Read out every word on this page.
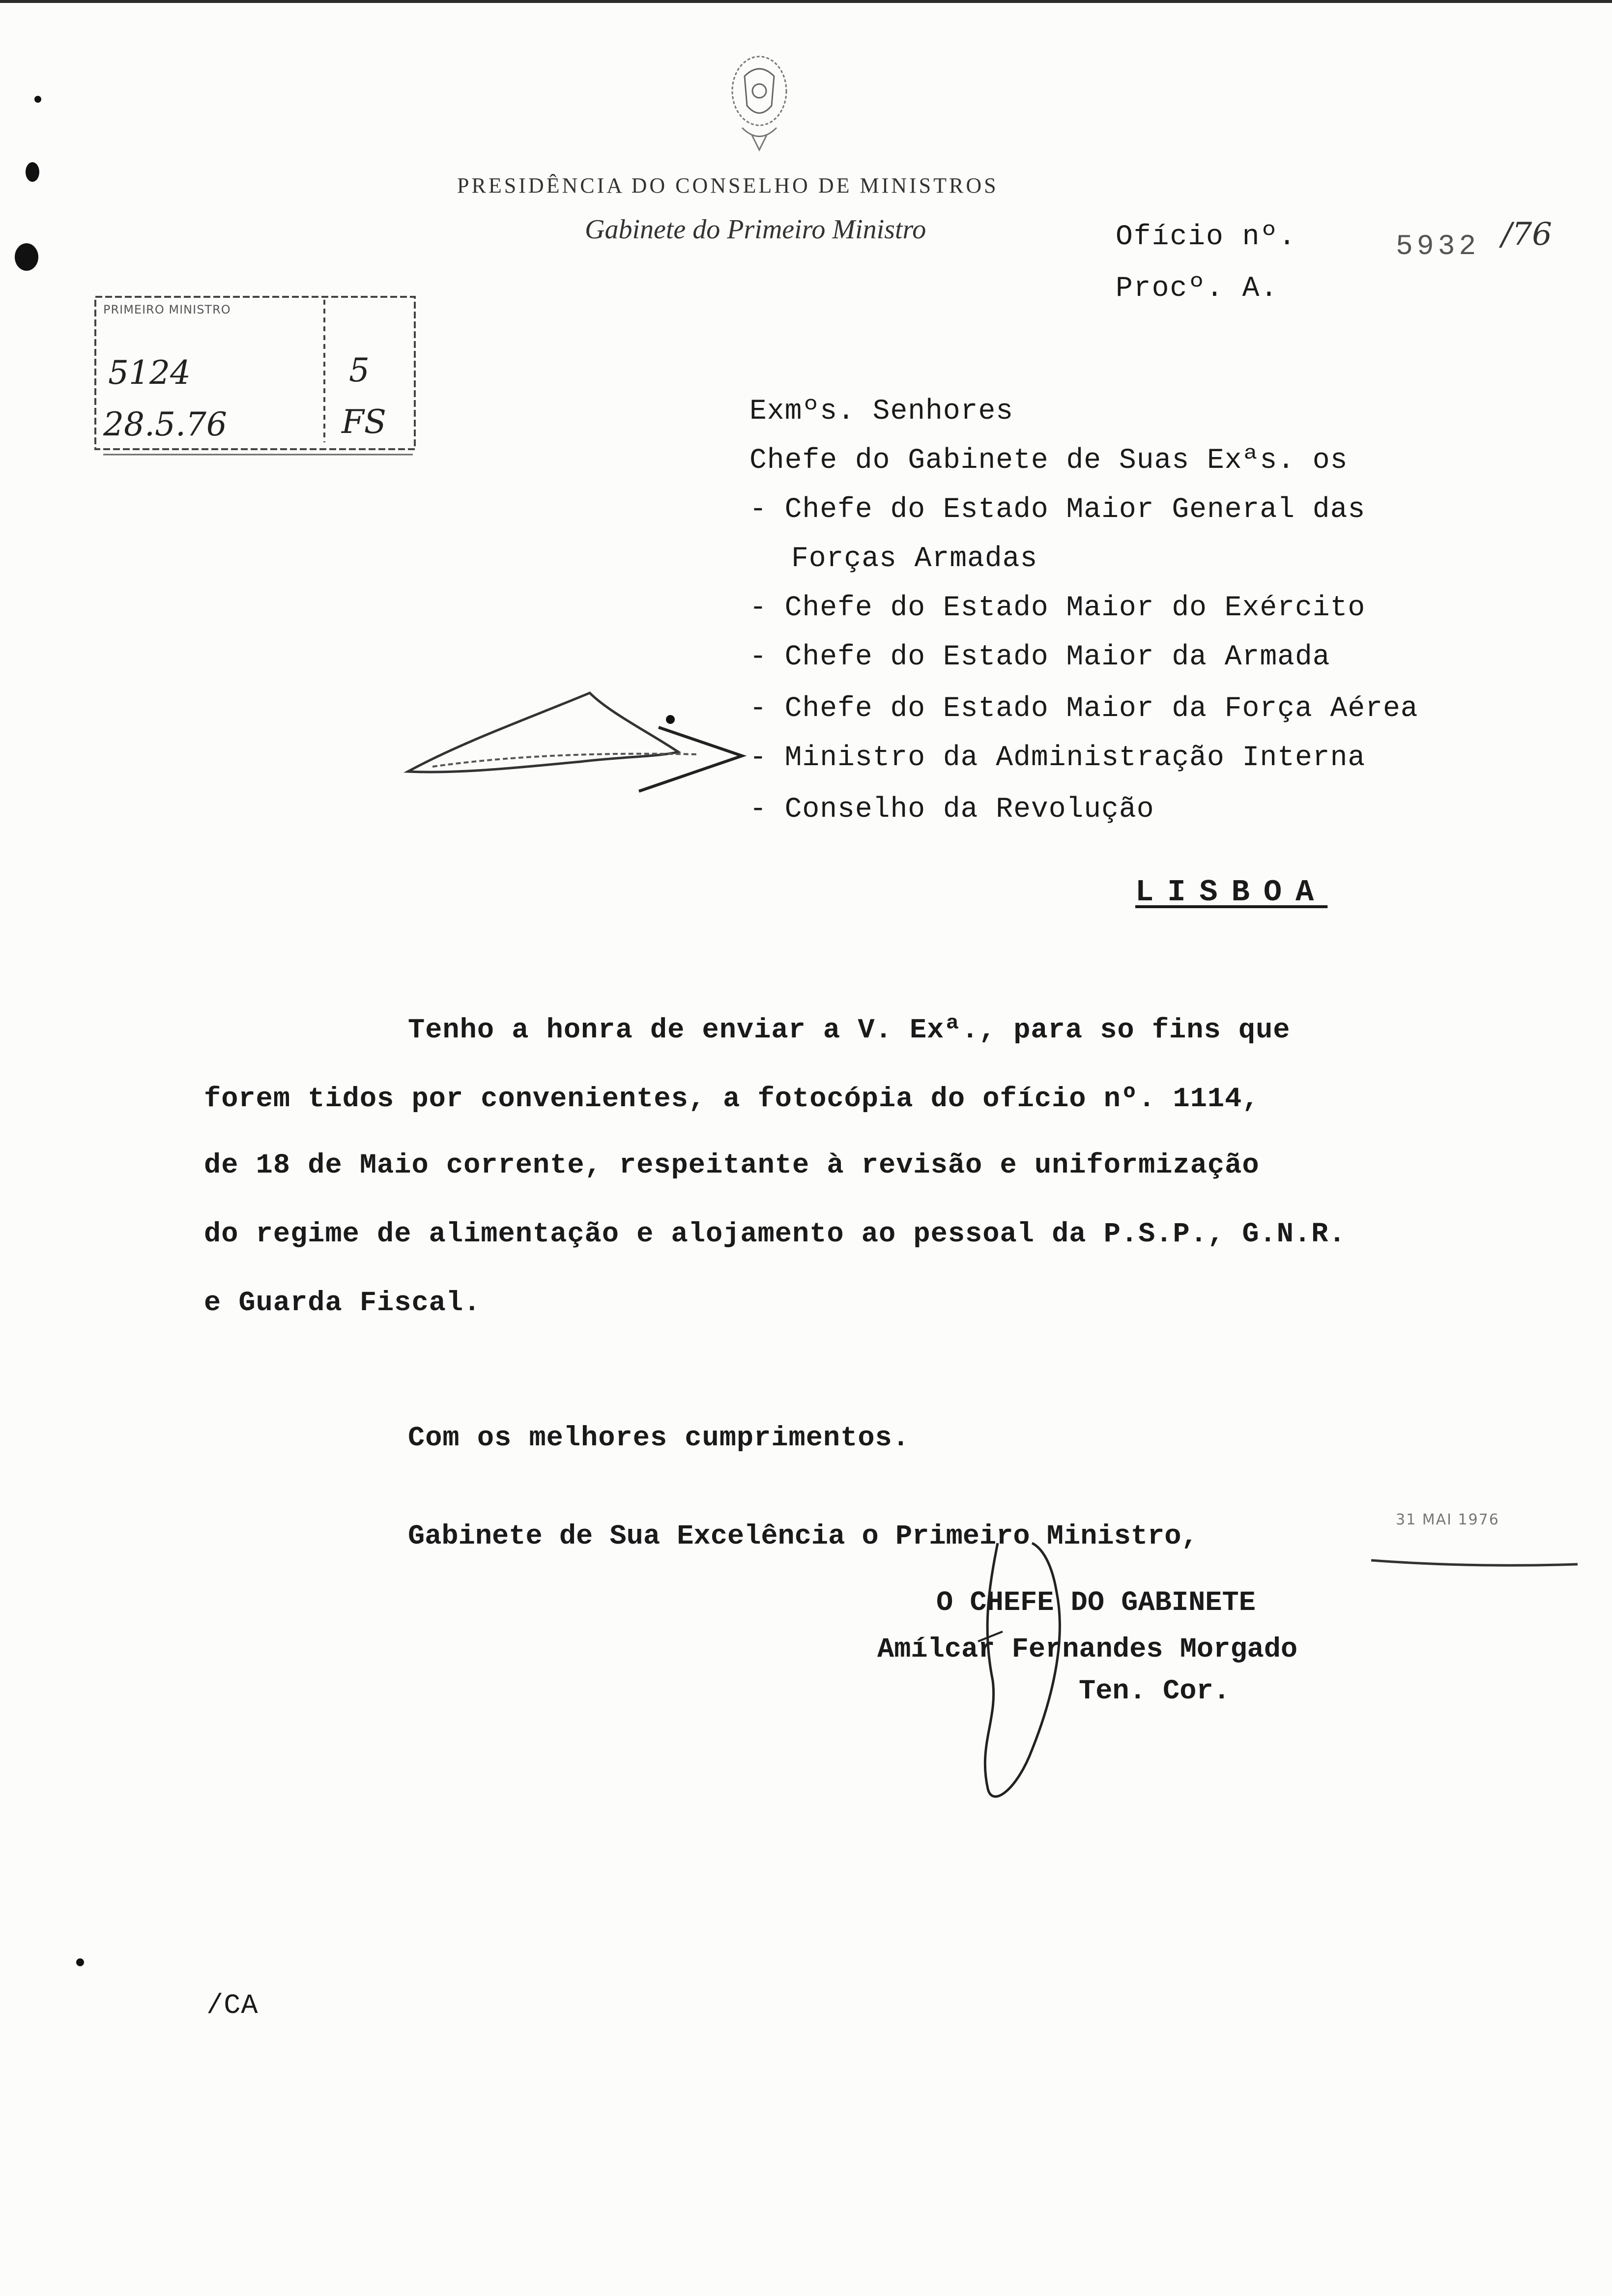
PRESIDÊNCIA DO CONSELHO DE MINISTROS
Gabinete do Primeiro Ministro	Ofício nº.	5932 /76
Procº. A.
PRIMEIRO MINISTRO
5124
28.5.76
5
FS	Exmºs. Senhores
Chefe do Gabinete de Suas Exªs. os
- Chefe do Estado Maior General das
Forças Armadas
- Chefe do Estado Maior do Exército
- Chefe do Estado Maior da Armada
- Chefe do Estado Maior da Força Aérea
- Ministro da Administração Interna
- Conselho da Revolução
LISBOA
Tenho a honra de enviar a V. Exª., para so fins que
forem tidos por convenientes, a fotocópia do ofício nº. 1114,
de 18 de Maio corrente, respeitante à revisão e uniformização
do regime de alimentação e alojamento ao pessoal da P.S.P., G.N.R.
e Guarda Fiscal.
Com os melhores cumprimentos.
Gabinete de Sua Excelência o Primeiro Ministro,
31 MAI 1976
O CHEFE DO GABINETE
Amílcar Fernandes Morgado
Ten. Cor.
/CA
